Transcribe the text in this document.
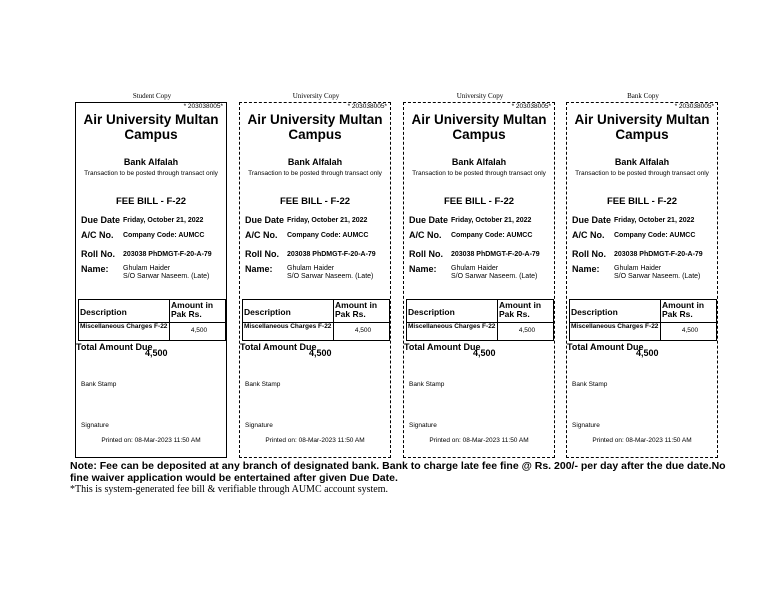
Student Copy	University Copy	University Copy	Bank Copy
* 203038005*
Air University Multan Campus
Bank Alfalah
Transaction to be posted through transact only
FEE BILL - F-22
Due Date Friday, October 21, 2022
A/C No. Company Code: AUMCC
Roll No. 203038 PhDMGT-F-20-A-79
Name: Ghulam Haider
S/O Sarwar Naseem. (Late)
Description
Amount in Pak Rs.
Miscellaneous Charges F-22
4,500
Total Amount Due
4,500
Bank Stamp
Signature
Printed on: 08-Mar-2023 11:50 AM
* 203038005*
Air University Multan Campus
Bank Alfalah
Transaction to be posted through transact only
FEE BILL - F-22
Due Date Friday, October 21, 2022
A/C No. Company Code: AUMCC
Roll No. 203038 PhDMGT-F-20-A-79
Name: Ghulam Haider
S/O Sarwar Naseem. (Late)
Description
Amount in Pak Rs.
Miscellaneous Charges F-22
4,500
Total Amount Due
4,500
Bank Stamp
Signature
Printed on: 08-Mar-2023 11:50 AM
* 203038005*
Air University Multan Campus
Bank Alfalah
Transaction to be posted through transact only
FEE BILL - F-22
Due Date Friday, October 21, 2022
A/C No. Company Code: AUMCC
Roll No. 203038 PhDMGT-F-20-A-79
Name: Ghulam Haider
S/O Sarwar Naseem. (Late)
Description
Amount in Pak Rs.
Miscellaneous Charges F-22
4,500
Total Amount Due
4,500
Bank Stamp
Signature
Printed on: 08-Mar-2023 11:50 AM
* 203038005*
Air University Multan Campus
Bank Alfalah
Transaction to be posted through transact only
FEE BILL - F-22
Due Date Friday, October 21, 2022
A/C No. Company Code: AUMCC
Roll No. 203038 PhDMGT-F-20-A-79
Name: Ghulam Haider
S/O Sarwar Naseem. (Late)
Description
Amount in Pak Rs.
Miscellaneous Charges F-22
4,500
Total Amount Due
4,500
Bank Stamp
Signature
Printed on: 08-Mar-2023 11:50 AM
Note: Fee can be deposited at any branch of designated bank. Bank to charge late fee fine @ Rs. 200/- per day after the due date.No fine waiver application would be entertained after given Due Date.
*This is system-generated fee bill & verifiable through AUMC account system.
